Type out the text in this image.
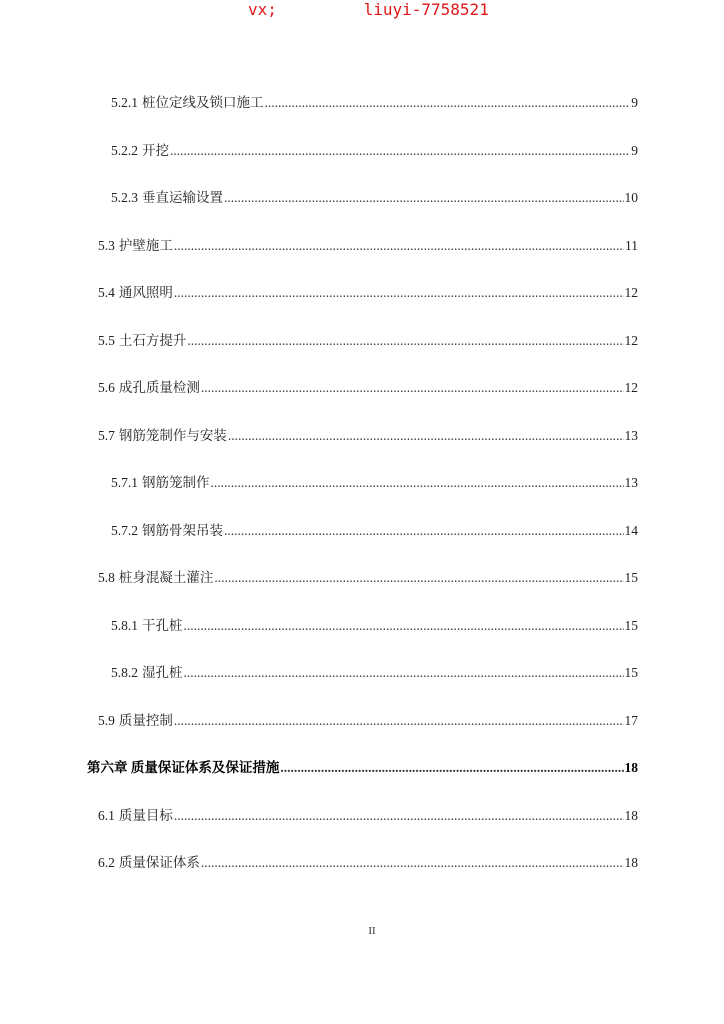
vx;         liuyi-7758521
5.2.1 桩位定线及锁口施工 .....	9
5.2.2 开挖 .....	9
5.2.3 垂直运输设置 .....	10
5.3 护壁施工 .....	11
5.4 通风照明 .....	12
5.5 土石方提升 .....	12
5.6 成孔质量检测 .....	12
5.7 钢筋笼制作与安装 .....	13
5.7.1 钢筋笼制作 .....	13
5.7.2 钢筋骨架吊装 .....	14
5.8 桩身混凝土灌注 .....	15
5.8.1 干孔桩 .....	15
5.8.2 湿孔桩 .....	15
5.9 质量控制 .....	17
第六章 质量保证体系及保证措施 .....	18
6.1 质量目标 .....	18
6.2 质量保证体系 .....	18
II
